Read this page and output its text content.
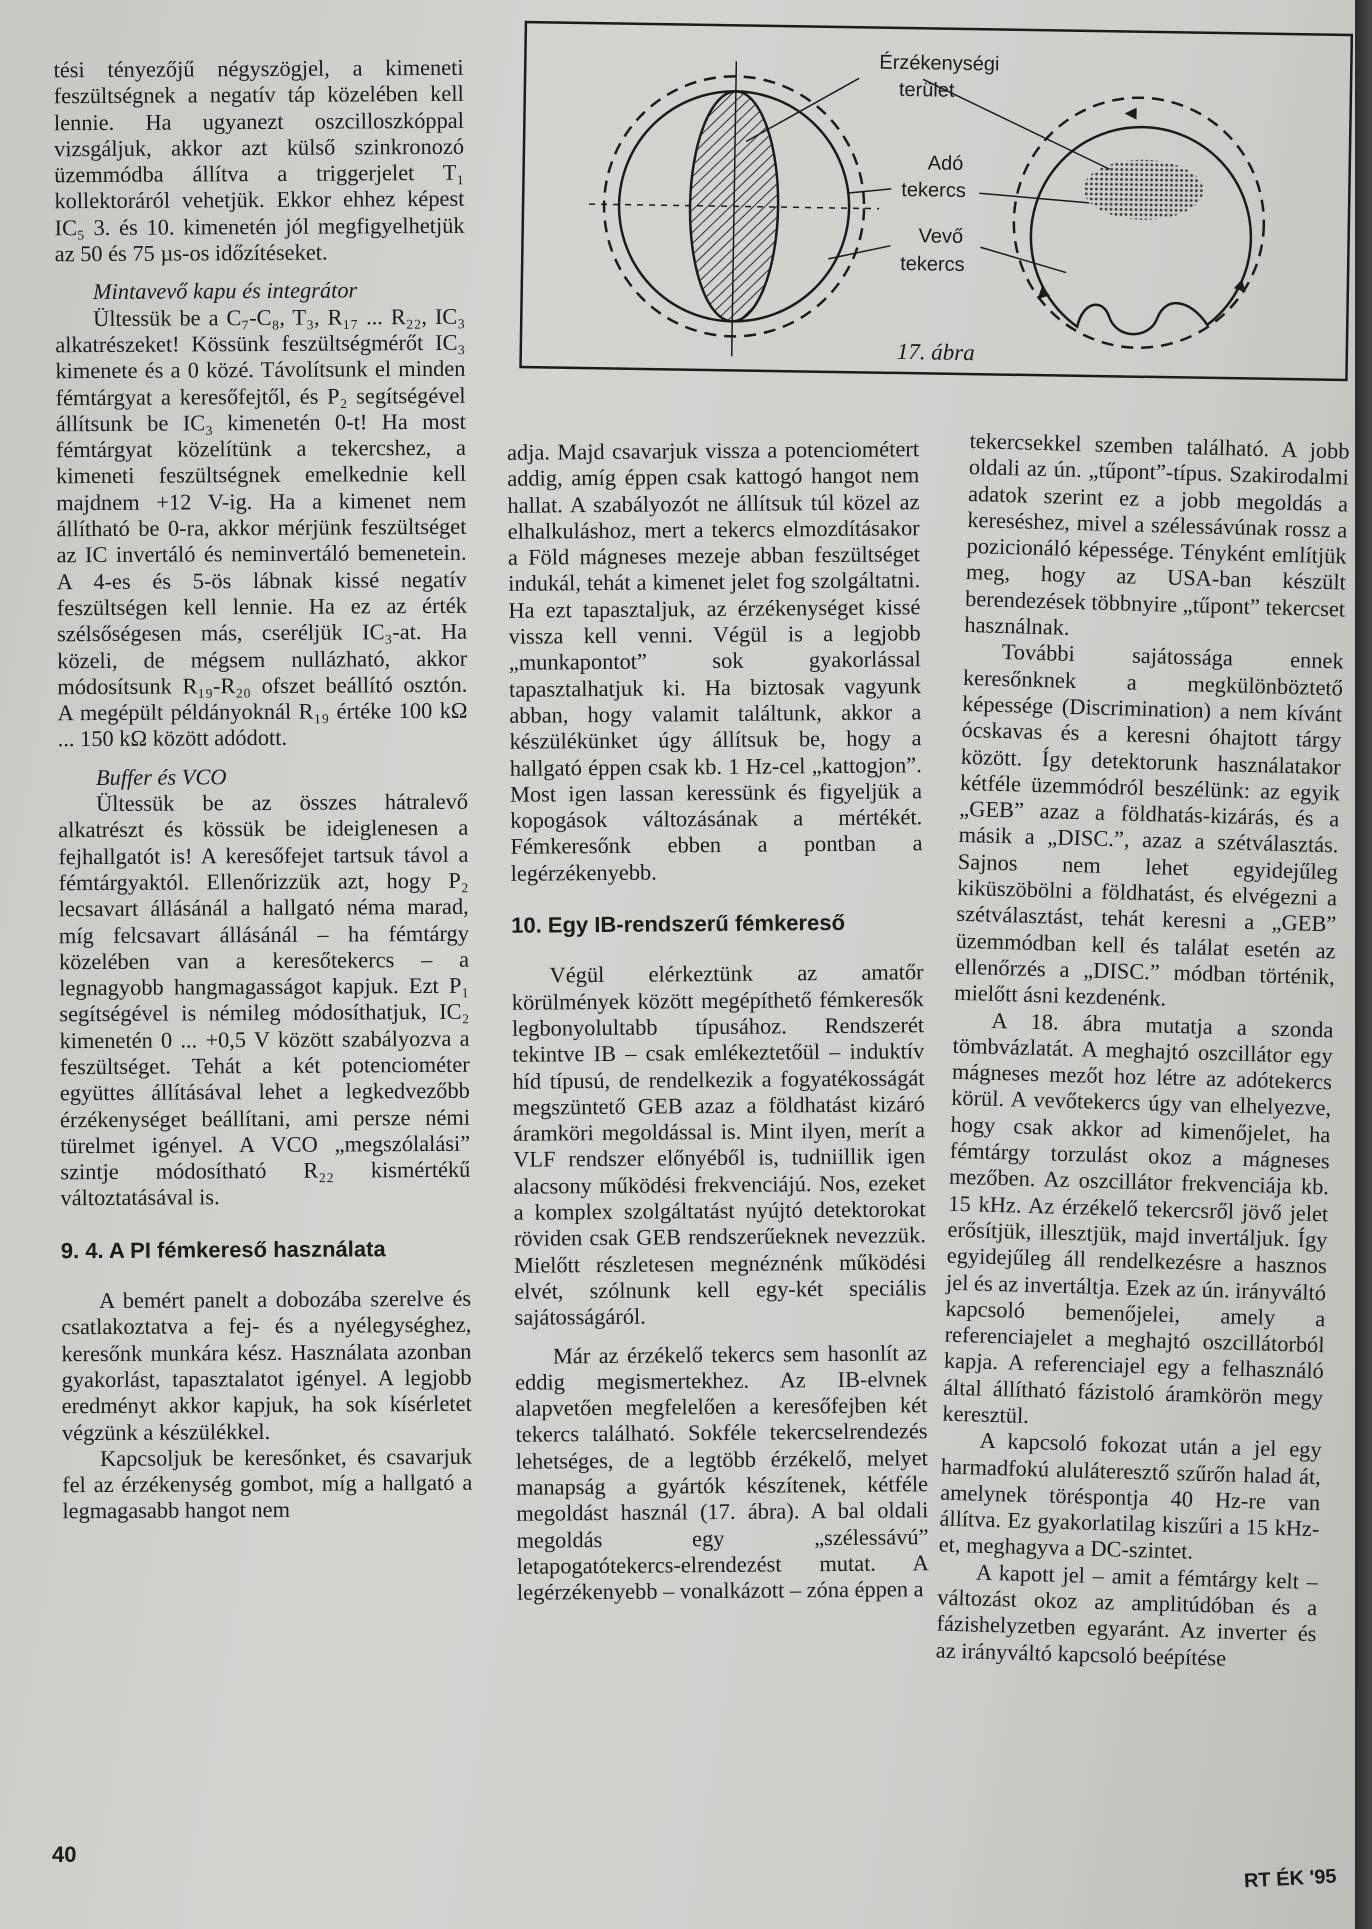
Érzékenységi
terület
Adó
tekercs
Vevő
tekercs
17. ábra

tési tényezőjű négyszögjel, a kimeneti feszültségnek a negatív táp közelében kell lennie. Ha ugyanezt oszcilloszkóppal vizsgáljuk, akkor azt külső szinkronozó üzemmódba állítva a triggerjelet T₁ kollektoráról vehetjük. Ekkor ehhez képest IC₅ 3. és 10. kimenetén jól megfigyelhetjük az 50 és 75 µs-os időzítéseket.

Mintavevő kapu és integrátor

Ültessük be a C₇-C₈, T₃, R₁₇ ... R₂₂, IC₃ alkatrészeket! Kössünk feszültségmérőt IC₃ kimenete és a 0 közé. Távolítsunk el minden fémtárgyat a keresőfejtől, és P₂ segítségével állítsunk be IC₃ kimenetén 0-t! Ha most fémtárgyat közelítünk a tekercshez, a kimeneti feszültségnek emelkednie kell majdnem +12 V-ig. Ha a kimenet nem állítható be 0-ra, akkor mérjünk feszültséget az IC invertáló és neminvertáló bemenetein. A 4-es és 5-ös lábnak kissé negatív feszültségen kell lennie. Ha ez az érték szélsőségesen más, cseréljük IC₃-at. Ha közeli, de mégsem nullázható, akkor módosítsunk R₁₉-R₂₀ ofszet beállító osztón. A megépült példányoknál R₁₉ értéke 100 kΩ ... 150 kΩ között adódott.

Buffer és VCO

Ültessük be az összes hátralevő alkatrészt és kössük be ideiglenesen a fejhallgatót is! A keresőfejet tartsuk távol a fémtárgyaktól. Ellenőrizzük azt, hogy P₂ lecsavart állásánál a hallgató néma marad, míg felcsavart állásánál – ha fémtárgy közelében van a keresőtekercs – a legnagyobb hangmagasságot kapjuk. Ezt P₁ segítségével is némileg módosíthatjuk, IC₂ kimenetén 0 ... +0,5 V között szabályozva a feszültséget. Tehát a két potenciométer együttes állításával lehet a legkedvezőbb érzékenységet beállítani, ami persze némi türelmet igényel. A VCO „megszólalási” szintje módosítható R₂₂ kismértékű változtatásával is.

9. 4. A PI fémkereső használata

A bemért panelt a dobozába szerelve és csatlakoztatva a fej- és a nyélegységhez, keresőnk munkára kész. Használata azonban gyakorlást, tapasztalatot igényel. A legjobb eredményt akkor kapjuk, ha sok kísérletet végzünk a készülékkel.

Kapcsoljuk be keresőnket, és csavarjuk fel az érzékenység gombot, míg a hallgató a legmagasabb hangot nem

adja. Majd csavarjuk vissza a potenciométert addig, amíg éppen csak kattogó hangot nem hallat. A szabályozót ne állítsuk túl közel az elhalkuláshoz, mert a tekercs elmozdításakor a Föld mágneses mezeje abban feszültséget indukál, tehát a kimenet jelet fog szolgáltatni. Ha ezt tapasztaljuk, az érzékenységet kissé vissza kell venni. Végül is a legjobb „munkapontot” sok gyakorlással tapasztalhatjuk ki. Ha biztosak vagyunk abban, hogy valamit találtunk, akkor a készülékünket úgy állítsuk be, hogy a hallgató éppen csak kb. 1 Hz-cel „kattogjon”. Most igen lassan keressünk és figyeljük a kopogások változásának a mértékét. Fémkeresőnk ebben a pontban a legérzékenyebb.

10. Egy IB-rendszerű fémkereső

Végül elérkeztünk az amatőr körülmények között megépíthető fémkeresők legbonyolultabb típusához. Rendszerét tekintve IB – csak emlékeztetőül – induktív híd típusú, de rendelkezik a fogyatékosságát megszüntető GEB azaz a földhatást kizáró áramköri megoldással is. Mint ilyen, merít a VLF rendszer előnyéből is, tudniillik igen alacsony működési frekvenciájú. Nos, ezeket a komplex szolgáltatást nyújtó detektorokat röviden csak GEB rendszerűeknek nevezzük. Mielőtt részletesen megnéznénk működési elvét, szólnunk kell egy-két speciális sajátosságáról.

Már az érzékelő tekercs sem hasonlít az eddig megismertekhez. Az IB-elvnek alapvetően megfelelően a keresőfejben két tekercs található. Sokféle tekercselrendezés lehetséges, de a legtöbb érzékelő, melyet manapság a gyártók készítenek, kétféle megoldást használ (17. ábra). A bal oldali megoldás egy „szélessávú” letapogatótekercs-elrendezést mutat. A legérzékenyebb – vonalkázott – zóna éppen a

tekercsekkel szemben található. A jobb oldali az ún. „tűpont”-típus. Szakirodalmi adatok szerint ez a jobb megoldás a kereséshez, mivel a szélessávúnak rossz a pozicionáló képessége. Tényként említjük meg, hogy az USA-ban készült berendezések többnyire „tűpont” tekercset használnak.

További sajátossága ennek keresőnknek a megkülönböztető képessége (Discrimination) a nem kívánt ócskavas és a keresni óhajtott tárgy között. Így detektorunk használatakor kétféle üzemmódról beszélünk: az egyik „GEB” azaz a földhatás-kizárás, és a másik a „DISC.”, azaz a szétválasztás. Sajnos nem lehet egyidejűleg kiküszöbölni a földhatást, és elvégezni a szétválasztást, tehát keresni a „GEB” üzemmódban kell és találat esetén az ellenőrzés a „DISC.” módban történik, mielőtt ásni kezdenénk.

A 18. ábra mutatja a szonda tömbvázlatát. A meghajtó oszcillátor egy mágneses mezőt hoz létre az adótekercs körül. A vevőtekercs úgy van elhelyezve, hogy csak akkor ad kimenőjelet, ha fémtárgy torzulást okoz a mágneses mezőben. Az oszcillátor frekvenciája kb. 15 kHz. Az érzékelő tekercsről jövő jelet erősítjük, illesztjük, majd invertáljuk. Így egyidejűleg áll rendelkezésre a hasznos jel és az invertáltja. Ezek az ún. irányváltó kapcsoló bemenőjelei, amely a referenciajelet a meghajtó oszcillátorból kapja. A referenciajel egy a felhasználó által állítható fázistoló áramkörön megy keresztül.

A kapcsoló fokozat után a jel egy harmadfokú aluláteresztő szűrőn halad át, amelynek töréspontja 40 Hz-re van állítva. Ez gyakorlatilag kiszűri a 15 kHz-et, meghagyva a DC-szintet.

A kapott jel – amit a fémtárgy kelt – változást okoz az amplitúdóban és a fázishelyzetben egyaránt. Az inverter és az irányváltó kapcsoló beépítése

40
RT ÉK '95
